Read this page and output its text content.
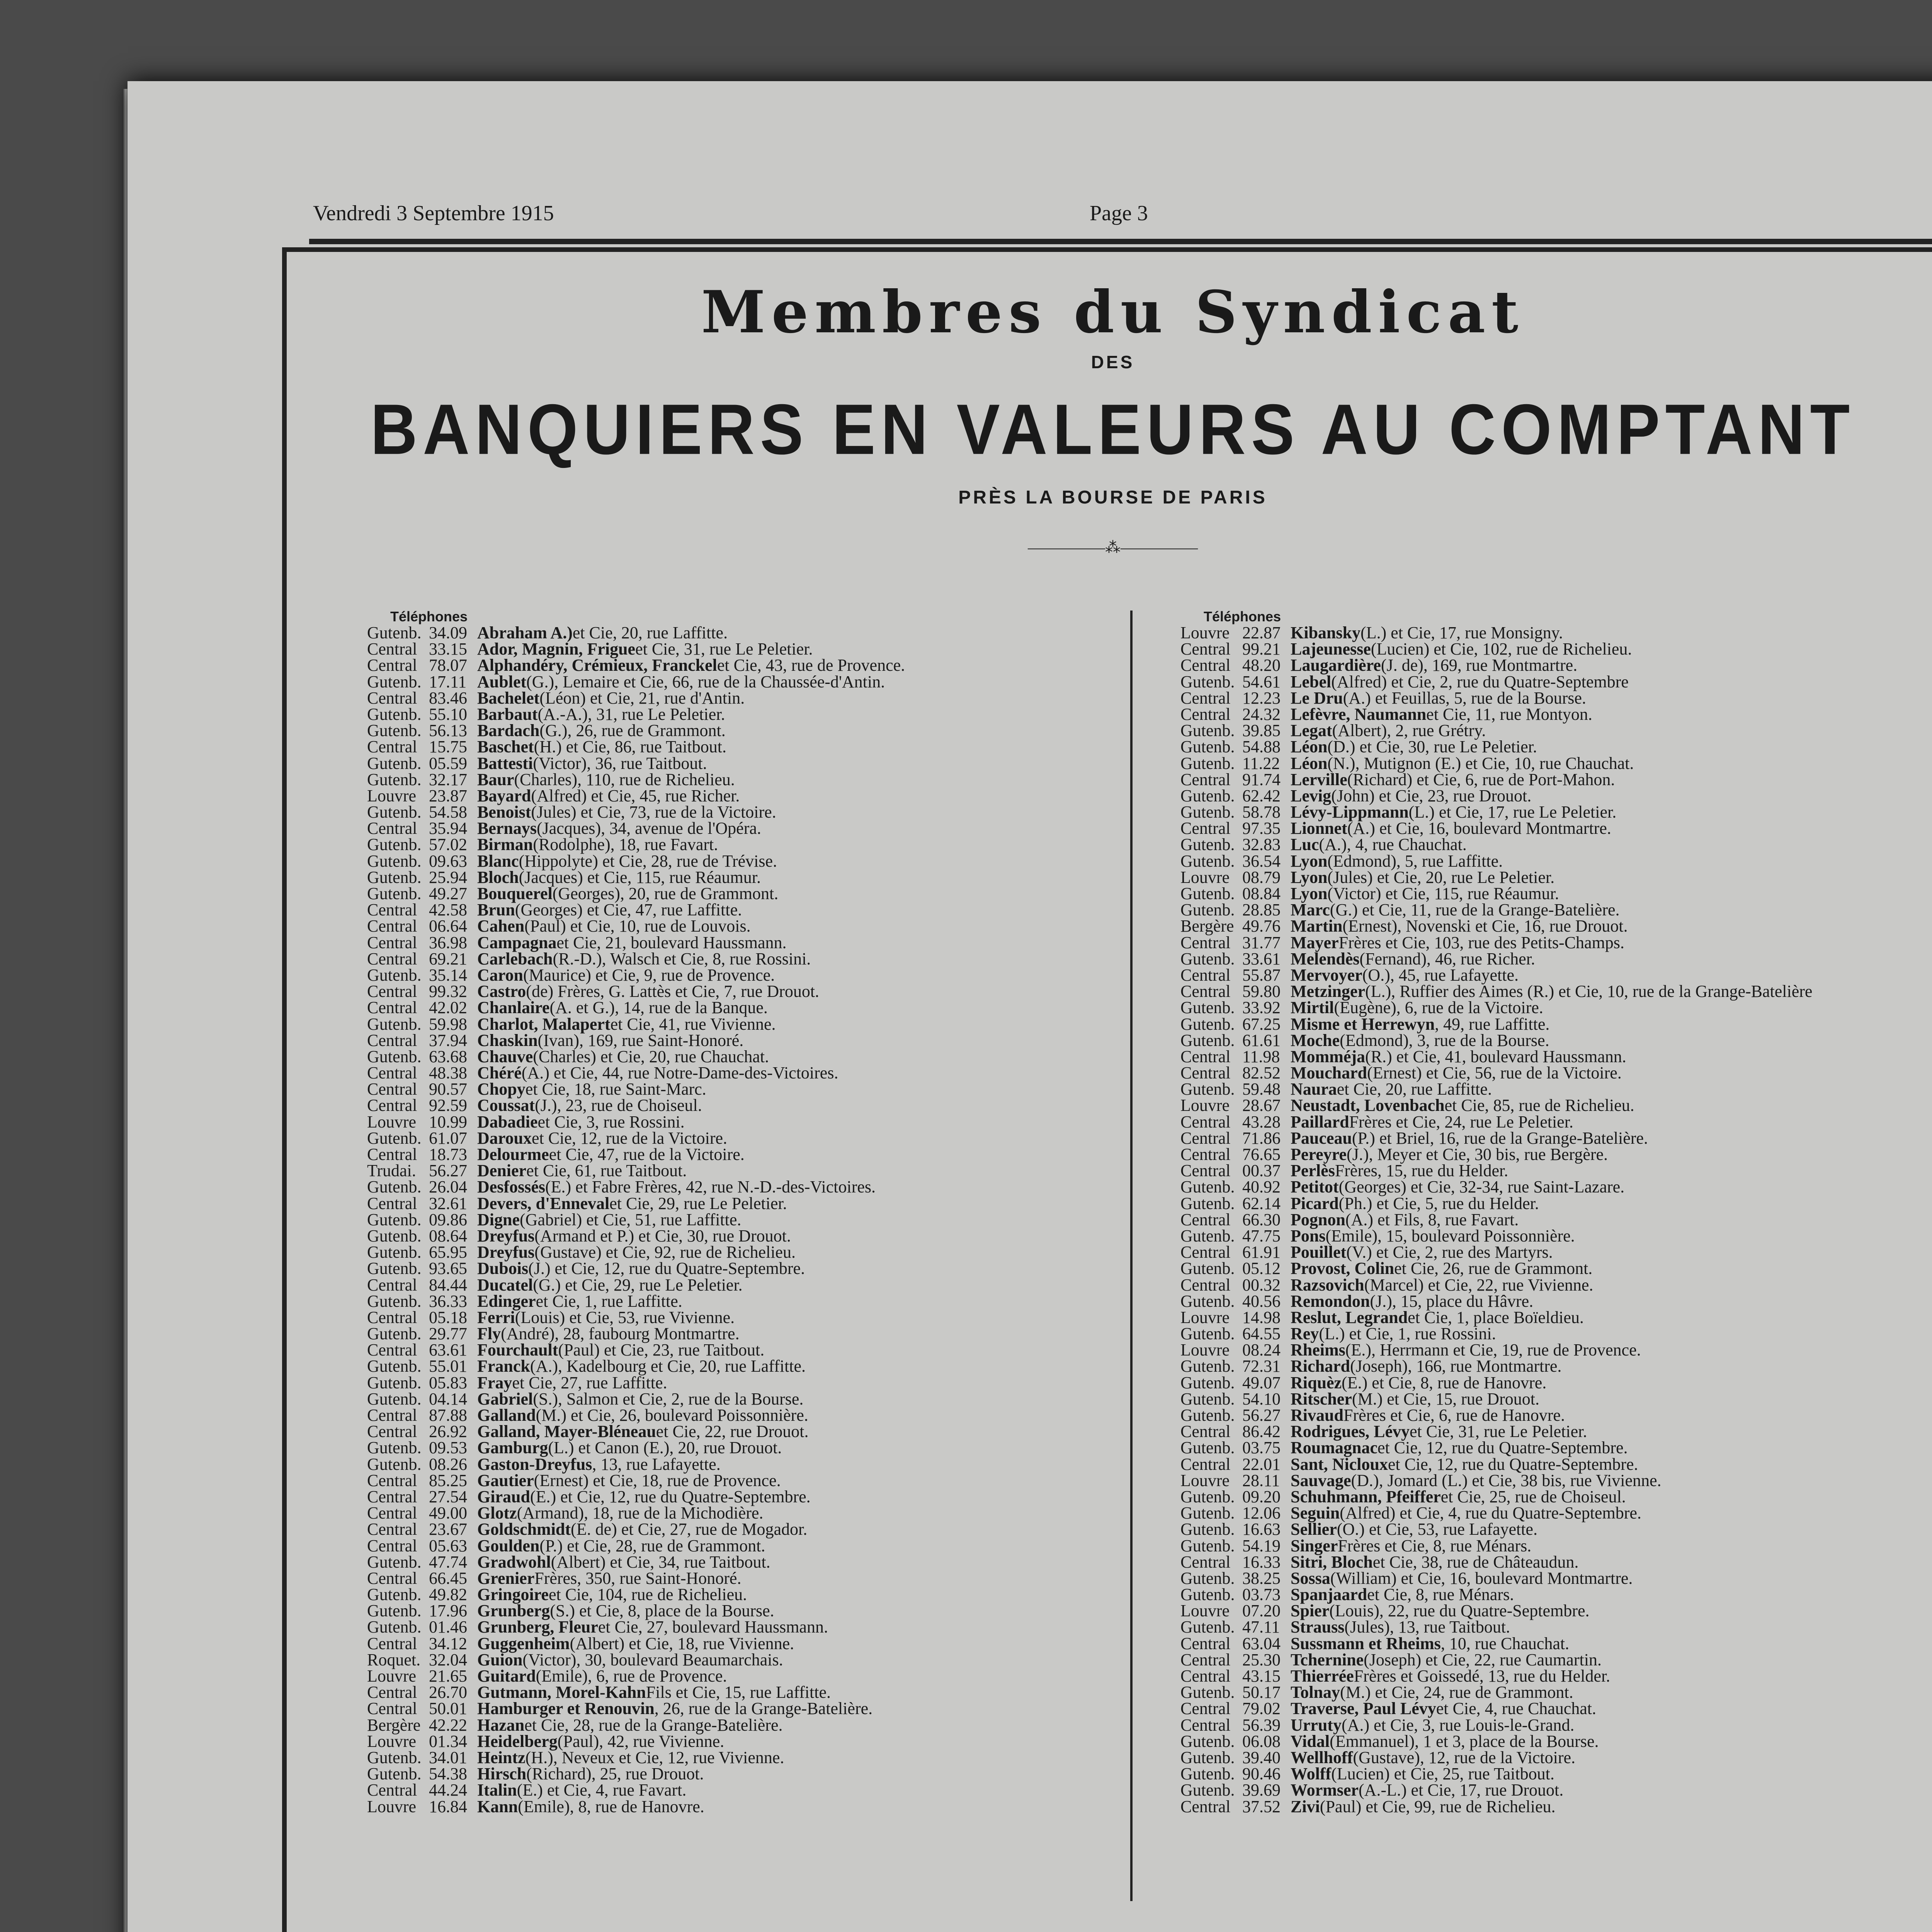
Vendredi 3 Septembre 1915	Page 3
Membres du Syndicat
DES
BANQUIERS EN VALEURS AU COMPTANT
PRÈS LA BOURSE DE PARIS
—————⁂—————
Téléphones
Gutenb. 34.09 Abraham A.) et Cie, 20, rue Laffitte.
Central 33.15 Ador, Magnin, Frigue et Cie, 31, rue Le Peletier.
Central 78.07 Alphandéry, Crémieux, Franckel et Cie, 43, rue de Provence.
Gutenb. 17.11 Aublet (G.), Lemaire et Cie, 66, rue de la Chaussée-d'Antin.
Central 83.46 Bachelet (Léon) et Cie, 21, rue d'Antin.
Gutenb. 55.10 Barbaut (A.-A.), 31, rue Le Peletier.
Gutenb. 56.13 Bardach (G.), 26, rue de Grammont.
Central 15.75 Baschet (H.) et Cie, 86, rue Taitbout.
Gutenb. 05.59 Battesti (Victor), 36, rue Taitbout.
Gutenb. 32.17 Baur (Charles), 110, rue de Richelieu.
Louvre 23.87 Bayard (Alfred) et Cie, 45, rue Richer.
Gutenb. 54.58 Benoist (Jules) et Cie, 73, rue de la Victoire.
Central 35.94 Bernays (Jacques), 34, avenue de l'Opéra.
Gutenb. 57.02 Birman (Rodolphe), 18, rue Favart.
Gutenb. 09.63 Blanc (Hippolyte) et Cie, 28, rue de Trévise.
Gutenb. 25.94 Bloch (Jacques) et Cie, 115, rue Réaumur.
Gutenb. 49.27 Bouquerel (Georges), 20, rue de Grammont.
Central 42.58 Brun (Georges) et Cie, 47, rue Laffitte.
Central 06.64 Cahen (Paul) et Cie, 10, rue de Louvois.
Central 36.98 Campagna et Cie, 21, boulevard Haussmann.
Central 69.21 Carlebach (R.-D.), Walsch et Cie, 8, rue Rossini.
Gutenb. 35.14 Caron (Maurice) et Cie, 9, rue de Provence.
Central 99.32 Castro (de) Frères, G. Lattès et Cie, 7, rue Drouot.
Central 42.02 Chanlaire (A. et G.), 14, rue de la Banque.
Gutenb. 59.98 Charlot, Malapert et Cie, 41, rue Vivienne.
Central 37.94 Chaskin (Ivan), 169, rue Saint-Honoré.
Gutenb. 63.68 Chauve (Charles) et Cie, 20, rue Chauchat.
Central 48.38 Chéré (A.) et Cie, 44, rue Notre-Dame-des-Victoires.
Central 90.57 Chopy et Cie, 18, rue Saint-Marc.
Central 92.59 Coussat (J.), 23, rue de Choiseul.
Louvre 10.99 Dabadie et Cie, 3, rue Rossini.
Gutenb. 61.07 Daroux et Cie, 12, rue de la Victoire.
Central 18.73 Delourme et Cie, 47, rue de la Victoire.
Trudai. 56.27 Denier et Cie, 61, rue Taitbout.
Gutenb. 26.04 Desfossés (E.) et Fabre Frères, 42, rue N.-D.-des-Victoires.
Central 32.61 Devers, d'Enneval et Cie, 29, rue Le Peletier.
Gutenb. 09.86 Digne (Gabriel) et Cie, 51, rue Laffitte.
Gutenb. 08.64 Dreyfus (Armand et P.) et Cie, 30, rue Drouot.
Gutenb. 65.95 Dreyfus (Gustave) et Cie, 92, rue de Richelieu.
Gutenb. 93.65 Dubois (J.) et Cie, 12, rue du Quatre-Septembre.
Central 84.44 Ducatel (G.) et Cie, 29, rue Le Peletier.
Gutenb. 36.33 Edinger et Cie, 1, rue Laffitte.
Central 05.18 Ferri (Louis) et Cie, 53, rue Vivienne.
Gutenb. 29.77 Fly (André), 28, faubourg Montmartre.
Central 63.61 Fourchault (Paul) et Cie, 23, rue Taitbout.
Gutenb. 55.01 Franck (A.), Kadelbourg et Cie, 20, rue Laffitte.
Gutenb. 05.83 Fray et Cie, 27, rue Laffitte.
Gutenb. 04.14 Gabriel (S.), Salmon et Cie, 2, rue de la Bourse.
Central 87.88 Galland (M.) et Cie, 26, boulevard Poissonnière.
Central 26.92 Galland, Mayer-Bléneau et Cie, 22, rue Drouot.
Gutenb. 09.53 Gamburg (L.) et Canon (E.), 20, rue Drouot.
Gutenb. 08.26 Gaston-Dreyfus , 13, rue Lafayette.
Central 85.25 Gautier (Ernest) et Cie, 18, rue de Provence.
Central 27.54 Giraud (E.) et Cie, 12, rue du Quatre-Septembre.
Central 49.00 Glotz (Armand), 18, rue de la Michodière.
Central 23.67 Goldschmidt (E. de) et Cie, 27, rue de Mogador.
Central 05.63 Goulden (P.) et Cie, 28, rue de Grammont.
Gutenb. 47.74 Gradwohl (Albert) et Cie, 34, rue Taitbout.
Central 66.45 Grenier Frères, 350, rue Saint-Honoré.
Gutenb. 49.82 Gringoire et Cie, 104, rue de Richelieu.
Gutenb. 17.96 Grunberg (S.) et Cie, 8, place de la Bourse.
Gutenb. 01.46 Grunberg, Fleur et Cie, 27, boulevard Haussmann.
Central 34.12 Guggenheim (Albert) et Cie, 18, rue Vivienne.
Roquet. 32.04 Guion (Victor), 30, boulevard Beaumarchais.
Louvre 21.65 Guitard (Emile), 6, rue de Provence.
Central 26.70 Gutmann, Morel-Kahn Fils et Cie, 15, rue Laffitte.
Central 50.01 Hamburger et Renouvin , 26, rue de la Grange-Batelière.
Bergère 42.22 Hazan et Cie, 28, rue de la Grange-Batelière.
Louvre 01.34 Heidelberg (Paul), 42, rue Vivienne.
Gutenb. 34.01 Heintz (H.), Neveux et Cie, 12, rue Vivienne.
Gutenb. 54.38 Hirsch (Richard), 25, rue Drouot.
Central 44.24 Italin (E.) et Cie, 4, rue Favart.
Louvre 16.84 Kann (Emile), 8, rue de Hanovre.
Téléphones
Louvre 22.87 Kibansky (L.) et Cie, 17, rue Monsigny.
Central 99.21 Lajeunesse (Lucien) et Cie, 102, rue de Richelieu.
Central 48.20 Laugardière (J. de), 169, rue Montmartre.
Gutenb. 54.61 Lebel (Alfred) et Cie, 2, rue du Quatre-Septembre
Central 12.23 Le Dru (A.) et Feuillas, 5, rue de la Bourse.
Central 24.32 Lefèvre, Naumann et Cie, 11, rue Montyon.
Gutenb. 39.85 Legat (Albert), 2, rue Grétry.
Gutenb. 54.88 Léon (D.) et Cie, 30, rue Le Peletier.
Gutenb. 11.22 Léon (N.), Mutignon (E.) et Cie, 10, rue Chauchat.
Central 91.74 Lerville (Richard) et Cie, 6, rue de Port-Mahon.
Gutenb. 62.42 Levig (John) et Cie, 23, rue Drouot.
Gutenb. 58.78 Lévy-Lippmann (L.) et Cie, 17, rue Le Peletier.
Central 97.35 Lionnet (A.) et Cie, 16, boulevard Montmartre.
Gutenb. 32.83 Luc (A.), 4, rue Chauchat.
Gutenb. 36.54 Lyon (Edmond), 5, rue Laffitte.
Louvre 08.79 Lyon (Jules) et Cie, 20, rue Le Peletier.
Gutenb. 08.84 Lyon (Victor) et Cie, 115, rue Réaumur.
Gutenb. 28.85 Marc (G.) et Cie, 11, rue de la Grange-Batelière.
Bergère 49.76 Martin (Ernest), Novenski et Cie, 16, rue Drouot.
Central 31.77 Mayer Frères et Cie, 103, rue des Petits-Champs.
Gutenb. 33.61 Melendès (Fernand), 46, rue Richer.
Central 55.87 Mervoyer (O.), 45, rue Lafayette.
Central 59.80 Metzinger (L.), Ruffier des Aimes (R.) et Cie, 10, rue de la Grange-Batelière
Gutenb. 33.92 Mirtil (Eugène), 6, rue de la Victoire.
Gutenb. 67.25 Misme et Herrewyn , 49, rue Laffitte.
Gutenb. 61.61 Moche (Edmond), 3, rue de la Bourse.
Central 11.98 Momméja (R.) et Cie, 41, boulevard Haussmann.
Central 82.52 Mouchard (Ernest) et Cie, 56, rue de la Victoire.
Gutenb. 59.48 Naura et Cie, 20, rue Laffitte.
Louvre 28.67 Neustadt, Lovenbach et Cie, 85, rue de Richelieu.
Central 43.28 Paillard Frères et Cie, 24, rue Le Peletier.
Central 71.86 Pauceau (P.) et Briel, 16, rue de la Grange-Batelière.
Central 76.65 Pereyre (J.), Meyer et Cie, 30 bis, rue Bergère.
Central 00.37 Perlès Frères, 15, rue du Helder.
Gutenb. 40.92 Petitot (Georges) et Cie, 32-34, rue Saint-Lazare.
Gutenb. 62.14 Picard (Ph.) et Cie, 5, rue du Helder.
Central 66.30 Pognon (A.) et Fils, 8, rue Favart.
Gutenb. 47.75 Pons (Emile), 15, boulevard Poissonnière.
Central 61.91 Pouillet (V.) et Cie, 2, rue des Martyrs.
Gutenb. 05.12 Provost, Colin et Cie, 26, rue de Grammont.
Central 00.32 Razsovich (Marcel) et Cie, 22, rue Vivienne.
Gutenb. 40.56 Remondon (J.), 15, place du Hâvre.
Louvre 14.98 Reslut, Legrand et Cie, 1, place Boïeldieu.
Gutenb. 64.55 Rey (L.) et Cie, 1, rue Rossini.
Louvre 08.24 Rheims (E.), Herrmann et Cie, 19, rue de Provence.
Gutenb. 72.31 Richard (Joseph), 166, rue Montmartre.
Gutenb. 49.07 Riquèz (E.) et Cie, 8, rue de Hanovre.
Gutenb. 54.10 Ritscher (M.) et Cie, 15, rue Drouot.
Gutenb. 56.27 Rivaud Frères et Cie, 6, rue de Hanovre.
Central 86.42 Rodrigues, Lévy et Cie, 31, rue Le Peletier.
Gutenb. 03.75 Roumagnac et Cie, 12, rue du Quatre-Septembre.
Central 22.01 Sant, Nicloux et Cie, 12, rue du Quatre-Septembre.
Louvre 28.11 Sauvage (D.), Jomard (L.) et Cie, 38 bis, rue Vivienne.
Gutenb. 09.20 Schuhmann, Pfeiffer et Cie, 25, rue de Choiseul.
Gutenb. 12.06 Seguin (Alfred) et Cie, 4, rue du Quatre-Septembre.
Gutenb. 16.63 Sellier (O.) et Cie, 53, rue Lafayette.
Gutenb. 54.19 Singer Frères et Cie, 8, rue Ménars.
Central 16.33 Sitri, Bloch et Cie, 38, rue de Châteaudun.
Gutenb. 38.25 Sossa (William) et Cie, 16, boulevard Montmartre.
Gutenb. 03.73 Spanjaard et Cie, 8, rue Ménars.
Louvre 07.20 Spier (Louis), 22, rue du Quatre-Septembre.
Gutenb. 47.11 Strauss (Jules), 13, rue Taitbout.
Central 63.04 Sussmann et Rheims , 10, rue Chauchat.
Central 25.30 Tchernine (Joseph) et Cie, 22, rue Caumartin.
Central 43.15 Thierrée Frères et Goissedé, 13, rue du Helder.
Gutenb. 50.17 Tolnay (M.) et Cie, 24, rue de Grammont.
Central 79.02 Traverse, Paul Lévy et Cie, 4, rue Chauchat.
Central 56.39 Urruty (A.) et Cie, 3, rue Louis-le-Grand.
Gutenb. 06.08 Vidal (Emmanuel), 1 et 3, place de la Bourse.
Gutenb. 39.40 Wellhoff (Gustave), 12, rue de la Victoire.
Gutenb. 90.46 Wolff (Lucien) et Cie, 25, rue Taitbout.
Gutenb. 39.69 Wormser (A.-L.) et Cie, 17, rue Drouot.
Central 37.52 Zivi (Paul) et Cie, 99, rue de Richelieu.
